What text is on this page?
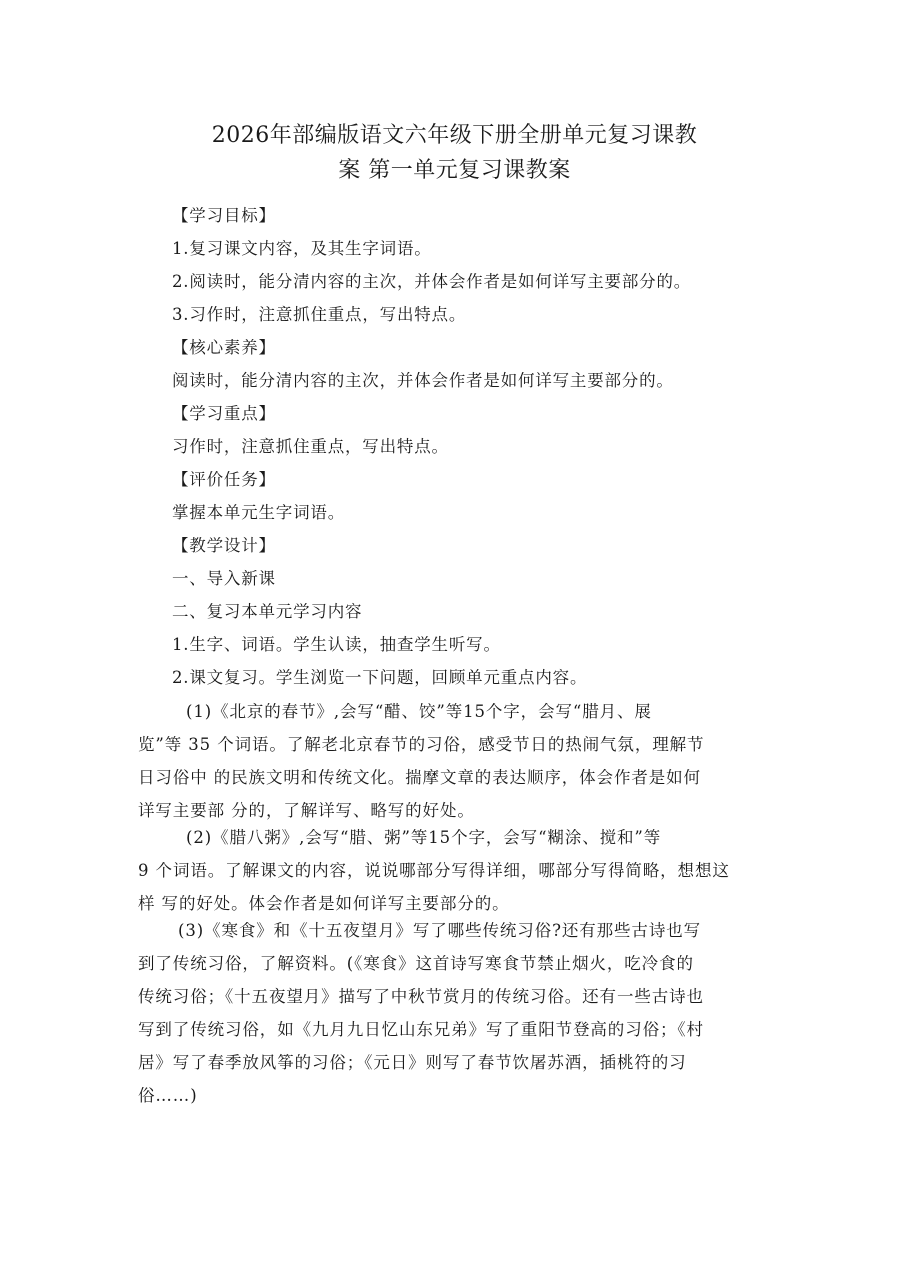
2026年部编版语文六年级下册全册单元复习课教
案 第一单元复习课教案
【学习目标】
1.复习课文内容，及其生字词语。
2.阅读时，能分清内容的主次，并体会作者是如何详写主要部分的。
3.习作时，注意抓住重点，写出特点。
【核心素养】
阅读时，能分清内容的主次，并体会作者是如何详写主要部分的。
【学习重点】
习作时，注意抓住重点，写出特点。
【评价任务】
掌握本单元生字词语。
【教学设计】
一、导入新课
二、复习本单元学习内容
1.生字、词语。学生认读，抽查学生听写。
2.课文复习。学生浏览一下问题，回顾单元重点内容。
(1)《北京的春节》,会写“醋、饺”等15个字，会写“腊月、展
览”等 35 个词语。了解老北京春节的习俗，感受节日的热闹气氛，理解节
日习俗中 的民族文明和传统文化。揣摩文章的表达顺序，体会作者是如何
详写主要部 分的，了解详写、略写的好处。
(2)《腊八粥》,会写“腊、粥”等15个字，会写“糊涂、搅和”等
9 个词语。了解课文的内容，说说哪部分写得详细，哪部分写得简略，想想这
样 写的好处。体会作者是如何详写主要部分的。
(3)《寒食》和《十五夜望月》写了哪些传统习俗?还有那些古诗也写
到了传统习俗，了解资料。(《寒食》这首诗写寒食节禁止烟火，吃冷食的
传统习俗；《十五夜望月》描写了中秋节赏月的传统习俗。还有一些古诗也
写到了传统习俗，如《九月九日忆山东兄弟》写了重阳节登高的习俗；《村
居》写了春季放风筝的习俗；《元日》则写了春节饮屠苏酒，插桃符的习
俗……)
